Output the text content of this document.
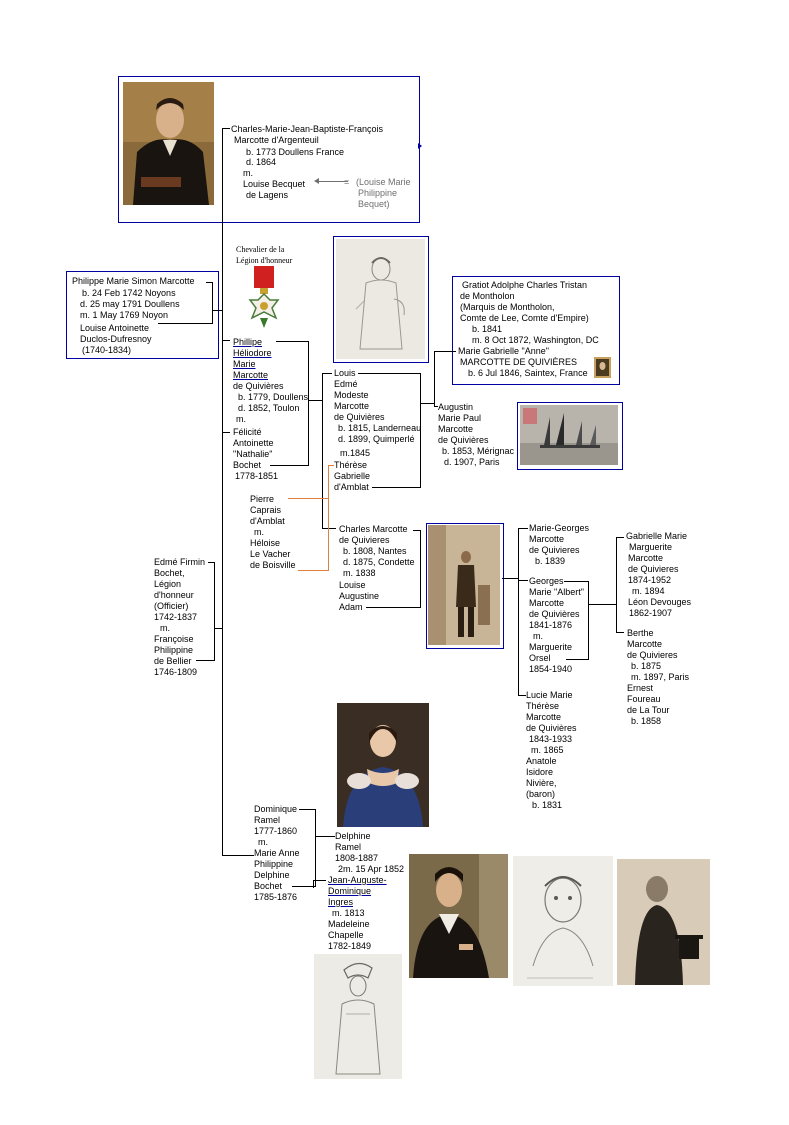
Chevalier de la
Légion d'honneur
Charles-Marie-Jean-Baptiste-François
Marcotte d'Argenteuil
b. 1773 Doullens France
d. 1864
m.
Louise Becquet
de Lagens
= (Louise Marie
Philippine
Bequet)
Philippe Marie Simon Marcotte
b. 24 Feb 1742 Noyons
d. 25 may 1791 Doullens
m. 1 May 1769 Noyon
Louise Antoinette
Duclos-Dufresnoy
(1740-1834)
Phillipe
Héliodore
Marie
Marcotte
de Quivières
b. 1779, Doullens
d. 1852, Toulon
m.
Félicité
Antoinette
"Nathalie"
Bochet
1778-1851
Louis
Edmé
Modeste
Marcotte
de Quivières
b. 1815, Landerneau
d. 1899, Quimperlé
m.1845
Thérèse
Gabrielle
d'Amblat
Gratiot Adolphe Charles Tristan
de Montholon
(Marquis de Montholon,
Comte de Lee, Comte d'Empire)
b. 1841
m. 8 Oct 1872, Washington, DC
Marie Gabrielle "Anne"
MARCOTTE DE QUIVIÈRES
b. 6 Jul 1846, Saintex, France
Augustin
Marie Paul
Marcotte
de Quivières
b. 1853, Mérignac
d. 1907, Paris
Pierre
Caprais
d'Amblat
m.
Héloise
Le Vacher
de Boisville
Charles Marcotte
de Quivieres
b. 1808, Nantes
d. 1875, Condette
m. 1838
Louise
Augustine
Adam
Marie-Georges
Marcotte
de Quivieres
b. 1839
Georges
Marie "Albert"
Marcotte
de Quivières
1841-1876
m.
Marguerite
Orsel
1854-1940
Lucie Marie
Thérèse
Marcotte
de Quivières
1843-1933
m. 1865
Anatole
Isidore
Nivière,
(baron)
b. 1831
Gabrielle Marie
Marguerite
Marcotte
de Quivieres
1874-1952
m. 1894
Léon Devouges
1862-1907
Berthe
Marcotte
de Quivieres
b. 1875
m. 1897, Paris
Ernest
Foureau
de La Tour
b. 1858
Edmé Firmin
Bochet,
Légion
d'honneur
(Officier)
1742-1837
m.
Françoise
Philippine
de Bellier
1746-1809
Dominique
Ramel
1777-1860
m.
Marie Anne
Philippine
Delphine
Bochet
1785-1876
Delphine
Ramel
1808-1887
2m. 15 Apr 1852
Jean-Auguste-
Dominique
Ingres
m. 1813
Madeleine
Chapelle
1782-1849
